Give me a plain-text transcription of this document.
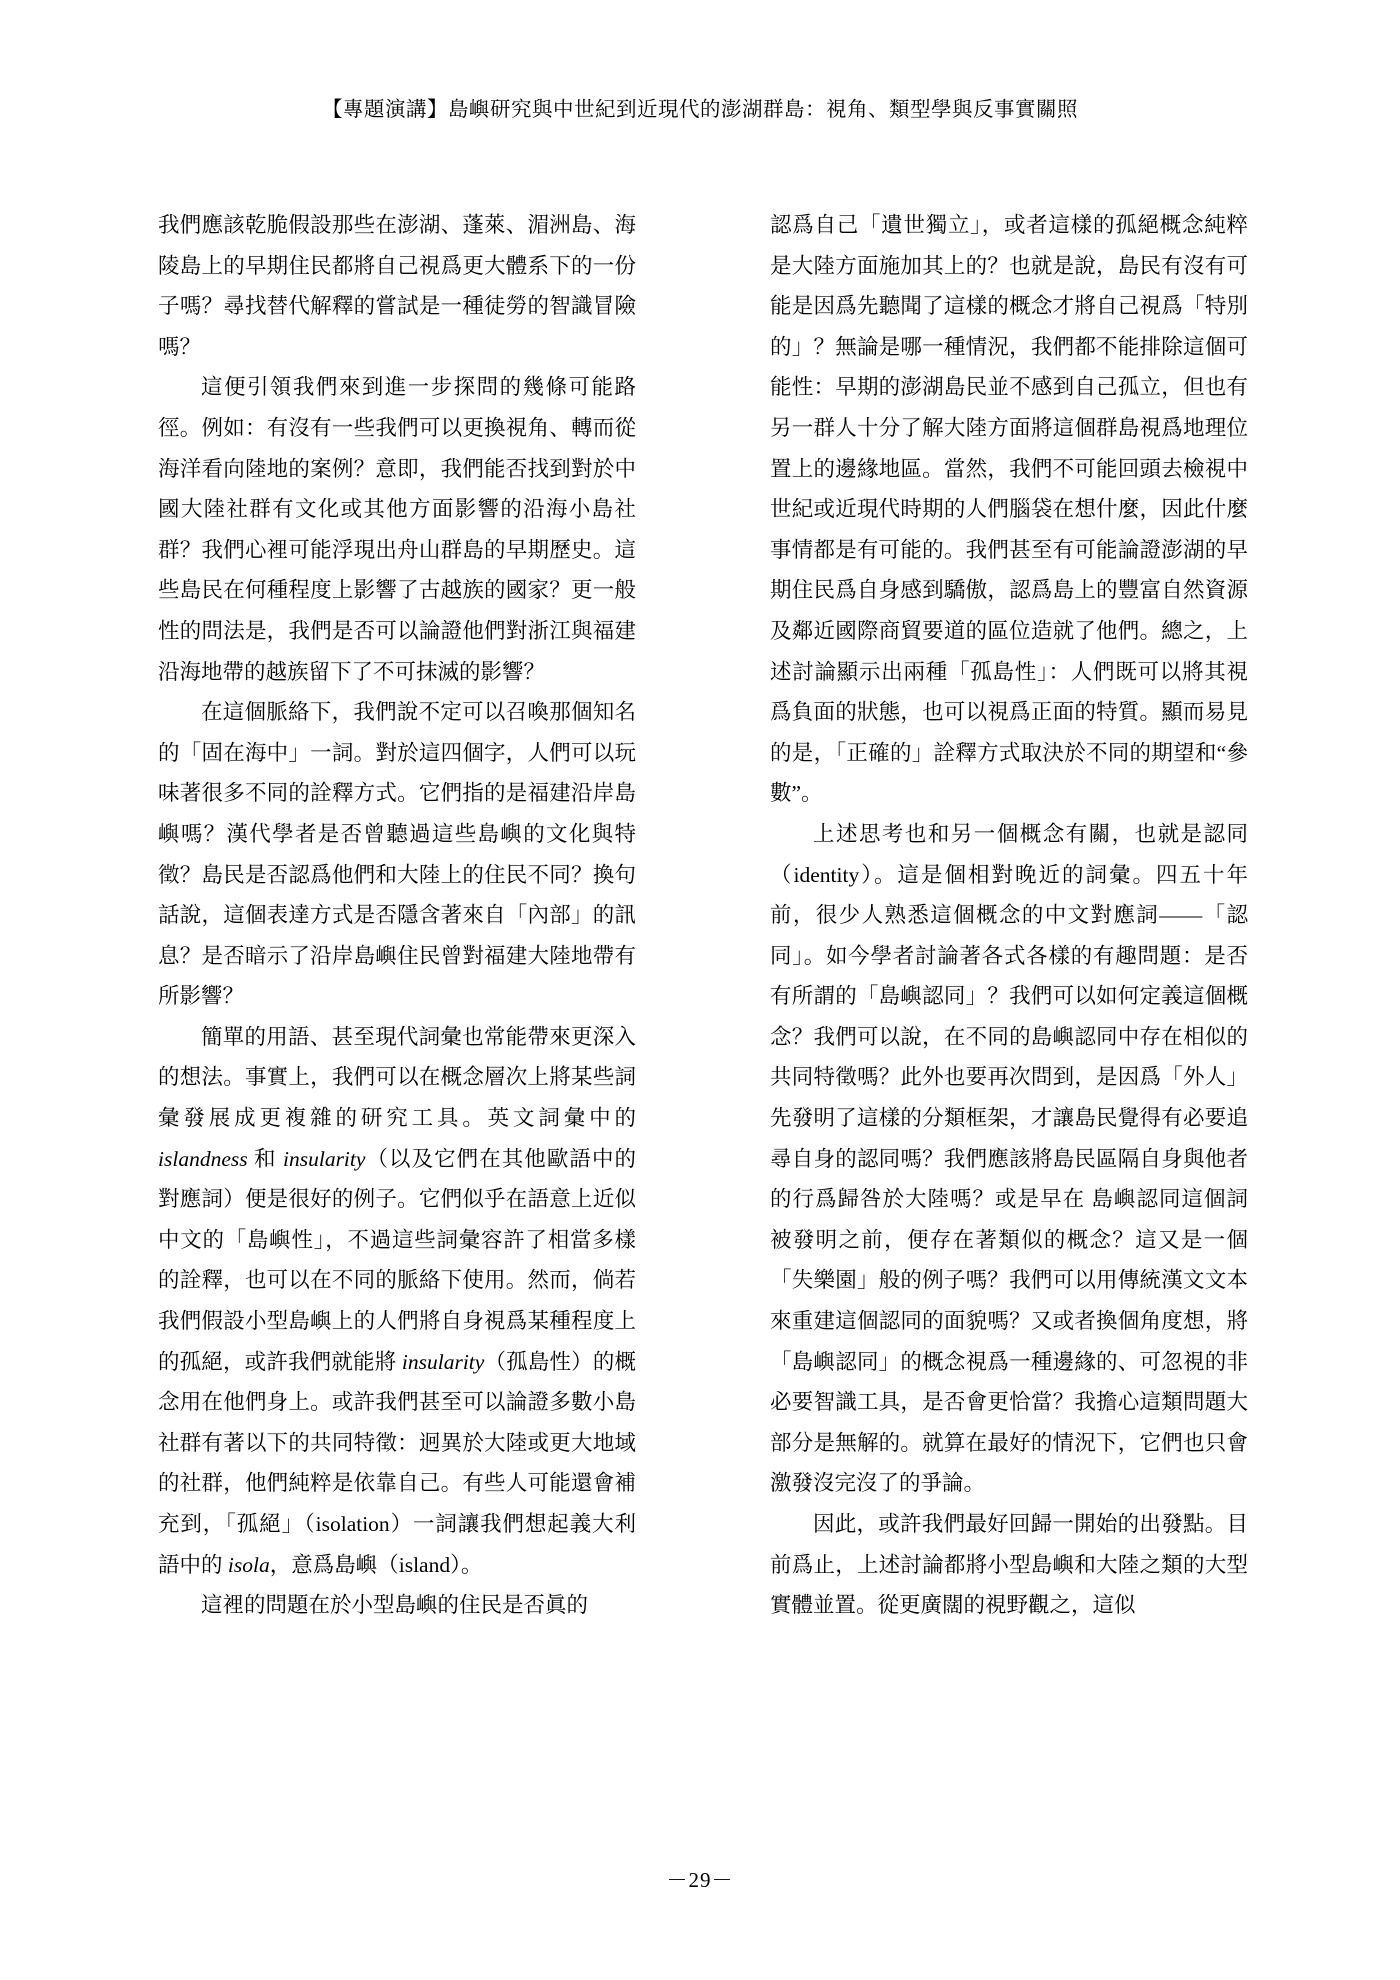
【專題演講】島嶼研究與中世紀到近現代的澎湖群島：視角、類型學與反事實關照

我們應該乾脆假設那些在澎湖、蓬萊、湄洲島、海陵島上的早期住民都將自己視爲更大體系下的一份子嗎？尋找替代解釋的嘗試是一種徒勞的智識冒險嗎？

這便引領我們來到進一步探問的幾條可能路徑。例如：有沒有一些我們可以更換視角、轉而從海洋看向陸地的案例？意即，我們能否找到對於中國大陸社群有文化或其他方面影響的沿海小島社群？我們心裡可能浮現出舟山群島的早期歷史。這些島民在何種程度上影響了古越族的國家？更一般性的問法是，我們是否可以論證他們對浙江與福建沿海地帶的越族留下了不可抹滅的影響？

在這個脈絡下，我們說不定可以召喚那個知名的「固在海中」一詞。對於這四個字，人們可以玩味著很多不同的詮釋方式。它們指的是福建沿岸島嶼嗎？漢代學者是否曾聽過這些島嶼的文化與特徵？島民是否認爲他們和大陸上的住民不同？換句話說，這個表達方式是否隱含著來自「內部」的訊息？是否暗示了沿岸島嶼住民曾對福建大陸地帶有所影響？

簡單的用語、甚至現代詞彙也常能帶來更深入的想法。事實上，我們可以在概念層次上將某些詞彙發展成更複雜的研究工具。英文詞彙中的 islandness 和 insularity（以及它們在其他歐語中的對應詞）便是很好的例子。它們似乎在語意上近似中文的「島嶼性」，不過這些詞彙容許了相當多樣的詮釋，也可以在不同的脈絡下使用。然而，倘若我們假設小型島嶼上的人們將自身視爲某種程度上的孤絕，或許我們就能將 insularity（孤島性）的概念用在他們身上。或許我們甚至可以論證多數小島社群有著以下的共同特徵：迥異於大陸或更大地域的社群，他們純粹是依靠自己。有些人可能還會補充到，「孤絕」（isolation）一詞讓我們想起義大利語中的 isola，意爲島嶼（island）。

這裡的問題在於小型島嶼的住民是否眞的

認爲自己「遺世獨立」，或者這樣的孤絕概念純粹是大陸方面施加其上的？也就是說，島民有沒有可能是因爲先聽聞了這樣的概念才將自己視爲「特別的」？無論是哪一種情況，我們都不能排除這個可能性：早期的澎湖島民並不感到自己孤立，但也有另一群人十分了解大陸方面將這個群島視爲地理位置上的邊緣地區。當然，我們不可能回頭去檢視中世紀或近現代時期的人們腦袋在想什麼，因此什麼事情都是有可能的。我們甚至有可能論證澎湖的早期住民爲自身感到驕傲，認爲島上的豐富自然資源及鄰近國際商貿要道的區位造就了他們。總之，上述討論顯示出兩種「孤島性」：人們既可以將其視爲負面的狀態，也可以視爲正面的特質。顯而易見的是，「正確的」詮釋方式取決於不同的期望和“參數”。

上述思考也和另一個概念有關，也就是認同（identity）。這是個相對晚近的詞彙。四五十年前，很少人熟悉這個概念的中文對應詞——「認同」。如今學者討論著各式各樣的有趣問題：是否有所謂的「島嶼認同」？我們可以如何定義這個概念？我們可以說，在不同的島嶼認同中存在相似的共同特徵嗎？此外也要再次問到，是因爲「外人」先發明了這樣的分類框架，才讓島民覺得有必要追尋自身的認同嗎？我們應該將島民區隔自身與他者的行爲歸咎於大陸嗎？或是早在 島嶼認同這個詞被發明之前，便存在著類似的概念？這又是一個「失樂園」般的例子嗎？我們可以用傳統漢文文本來重建這個認同的面貌嗎？又或者換個角度想，將「島嶼認同」的概念視爲一種邊緣的、可忽視的非必要智識工具，是否會更恰當？我擔心這類問題大部分是無解的。就算在最好的情況下，它們也只會激發沒完沒了的爭論。

因此，或許我們最好回歸一開始的出發點。目前爲止，上述討論都將小型島嶼和大陸之類的大型實體並置。從更廣闊的視野觀之，這似

－29－
